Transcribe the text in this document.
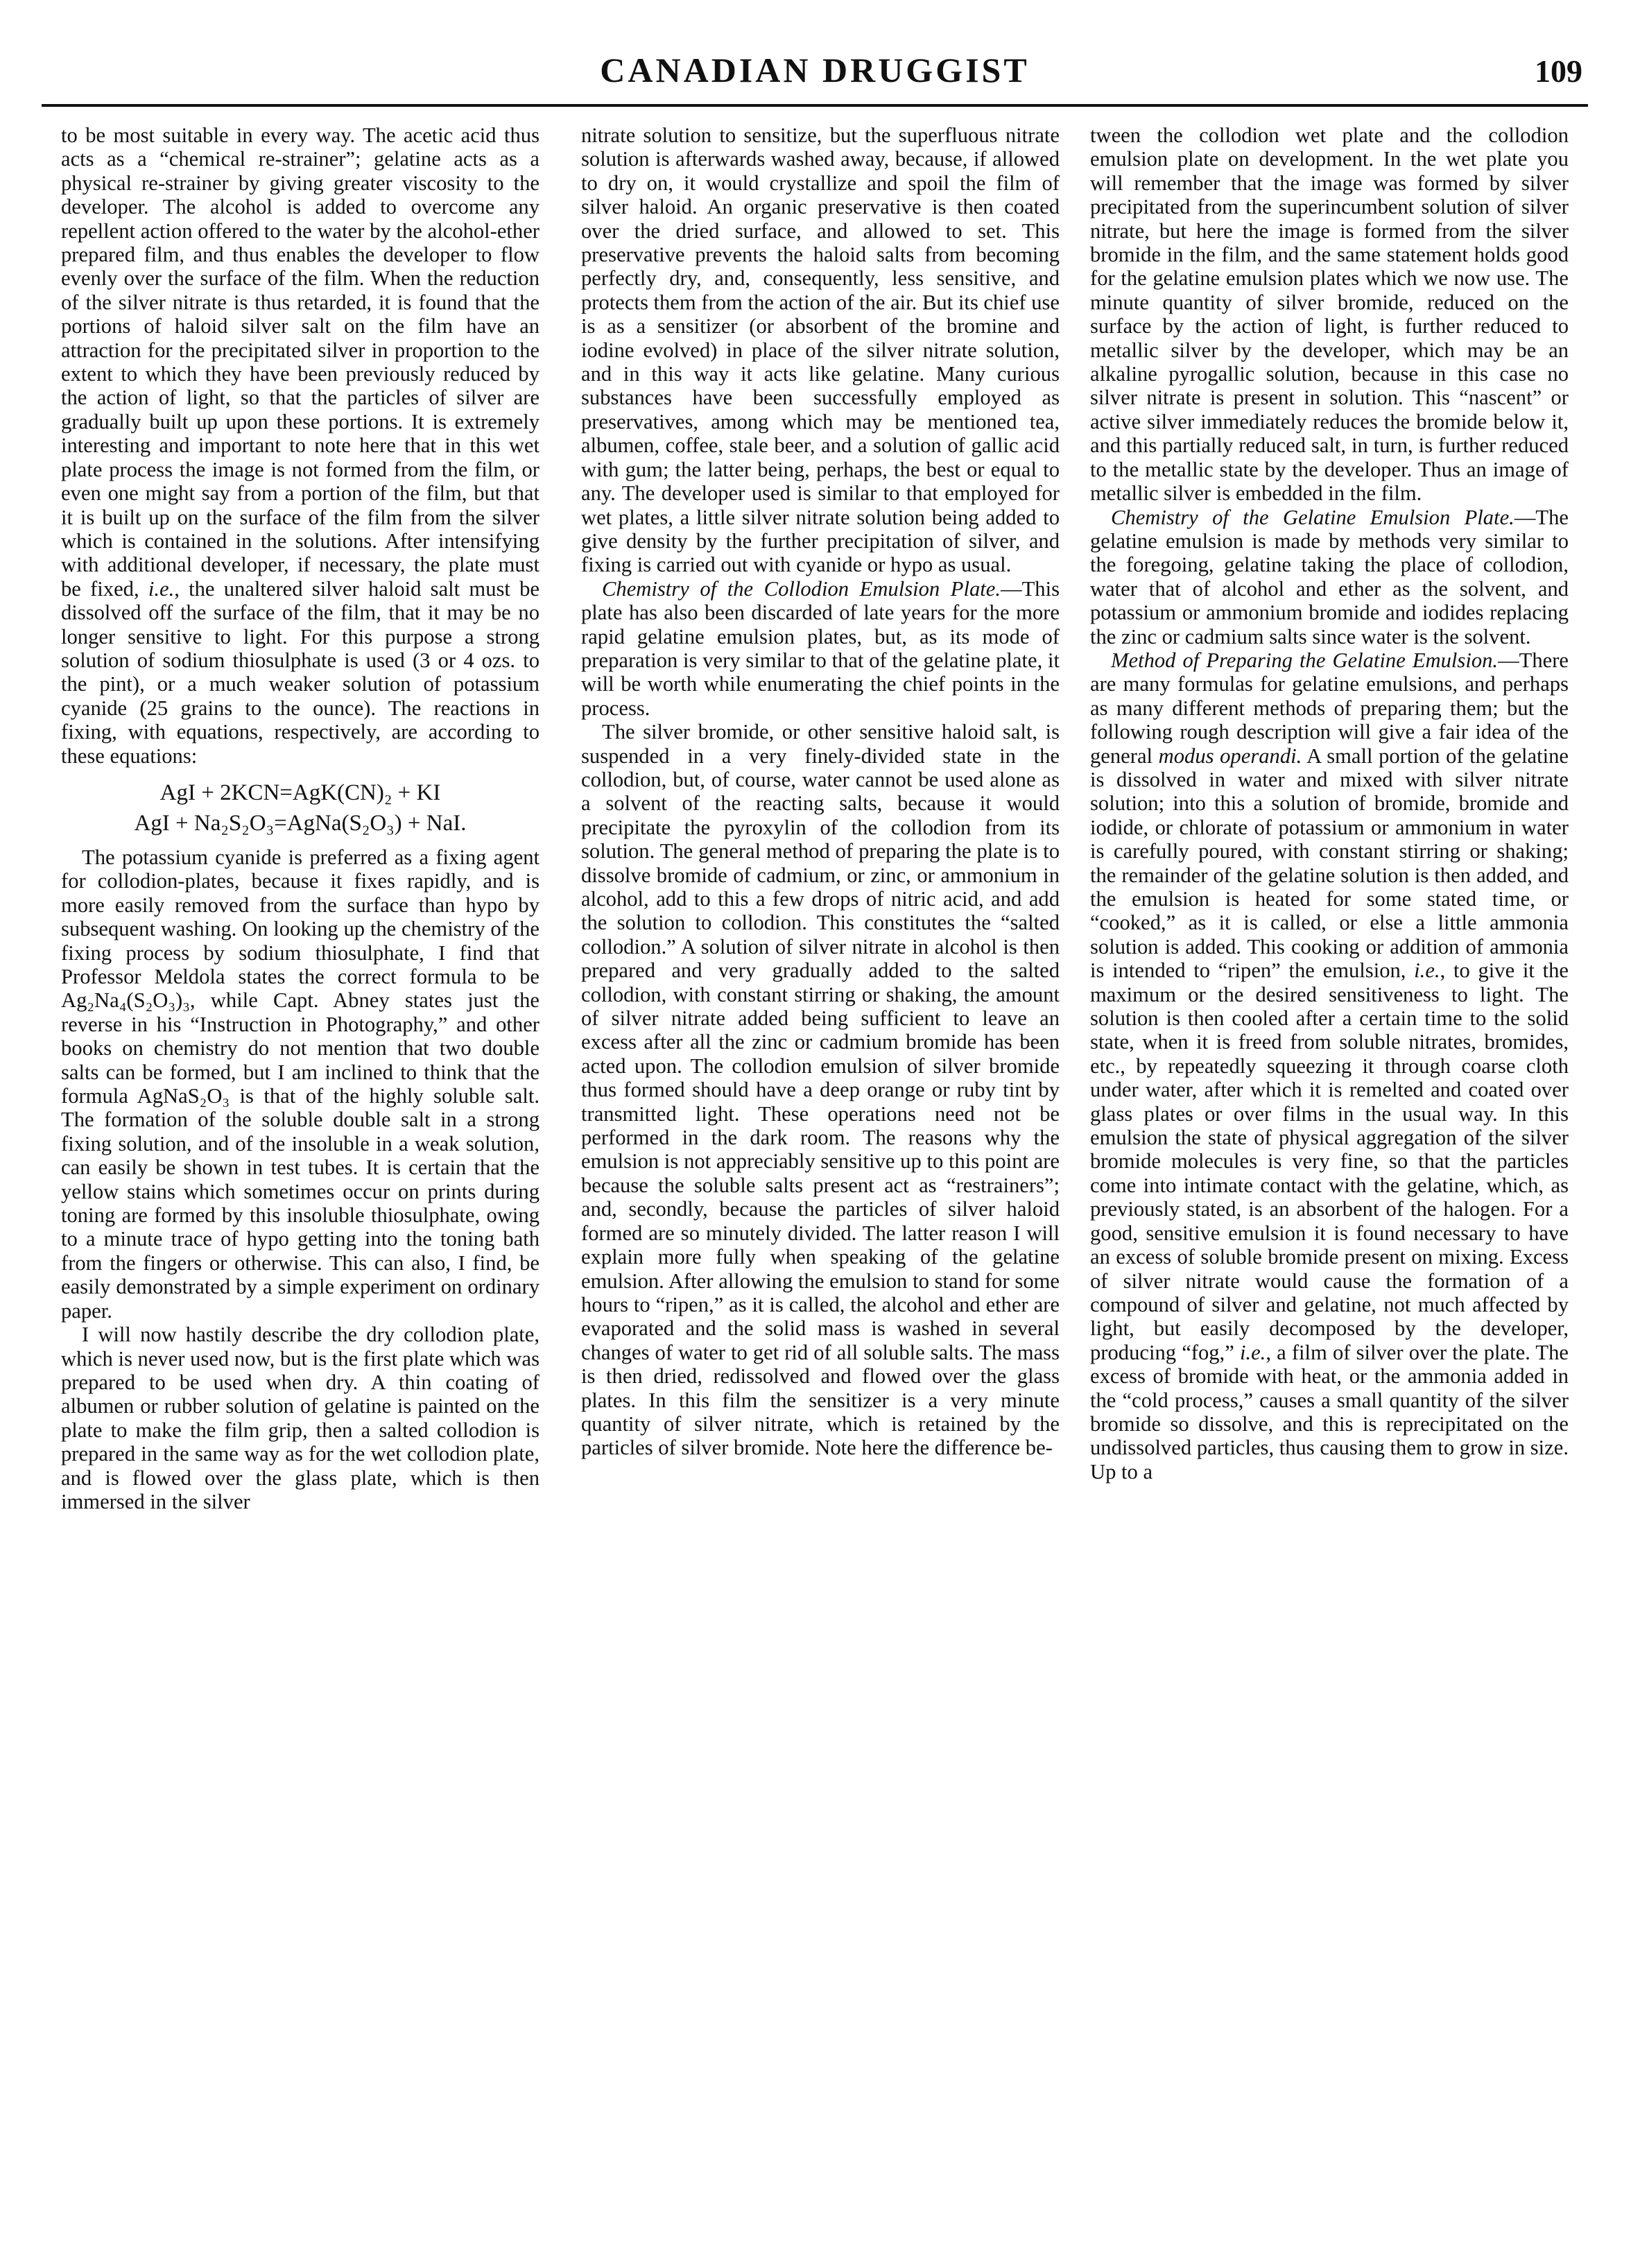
CANADIAN DRUGGIST	109

to be most suitable in every way. The acetic acid thus acts as a “chemical re-strainer”; gelatine acts as a physical re-strainer by giving greater viscosity to the developer. The alcohol is added to overcome any repellent action offered to the water by the alcohol-ether prepared film, and thus enables the developer to flow evenly over the surface of the film. When the reduction of the silver nitrate is thus retarded, it is found that the portions of haloid silver salt on the film have an attraction for the precipitated silver in proportion to the extent to which they have been previously reduced by the action of light, so that the particles of silver are gradually built up upon these portions. It is extremely interesting and important to note here that in this wet plate process the image is not formed from the film, or even one might say from a portion of the film, but that it is built up on the surface of the film from the silver which is contained in the solutions. After intensifying with additional developer, if necessary, the plate must be fixed, i.e., the unaltered silver haloid salt must be dissolved off the surface of the film, that it may be no longer sensitive to light. For this purpose a strong solution of sodium thiosulphate is used (3 or 4 ozs. to the pint), or a much weaker solution of potassium cyanide (25 grains to the ounce). The reactions in fixing, with equations, respectively, are according to these equations:

AgI + 2KCN=AgK(CN)₂ + KI
AgI + Na₂S₂O₃=AgNa(S₂O₃) + NaI.

The potassium cyanide is preferred as a fixing agent for collodion-plates, because it fixes rapidly, and is more easily removed from the surface than hypo by subsequent washing. On looking up the chemistry of the fixing process by sodium thiosulphate, I find that Professor Meldola states the correct formula to be Ag₂Na₄(S₂O₃)₃, while Capt. Abney states just the reverse in his “Instruction in Photography,” and other books on chemistry do not mention that two double salts can be formed, but I am inclined to think that the formula AgNaS₂O₃ is that of the highly soluble salt. The formation of the soluble double salt in a strong fixing solution, and of the insoluble in a weak solution, can easily be shown in test tubes. It is certain that the yellow stains which sometimes occur on prints during toning are formed by this insoluble thiosulphate, owing to a minute trace of hypo getting into the toning bath from the fingers or otherwise. This can also, I find, be easily demonstrated by a simple experiment on ordinary paper.

I will now hastily describe the dry collodion plate, which is never used now, but is the first plate which was prepared to be used when dry. A thin coating of albumen or rubber solution of gelatine is painted on the plate to make the film grip, then a salted collodion is prepared in the same way as for the wet collodion plate, and is flowed over the glass plate, which is then immersed in the silver

nitrate solution to sensitize, but the superfluous nitrate solution is afterwards washed away, because, if allowed to dry on, it would crystallize and spoil the film of silver haloid. An organic preservative is then coated over the dried surface, and allowed to set. This preservative prevents the haloid salts from becoming perfectly dry, and, consequently, less sensitive, and protects them from the action of the air. But its chief use is as a sensitizer (or absorbent of the bromine and iodine evolved) in place of the silver nitrate solution, and in this way it acts like gelatine. Many curious substances have been successfully employed as preservatives, among which may be mentioned tea, albumen, coffee, stale beer, and a solution of gallic acid with gum; the latter being, perhaps, the best or equal to any. The developer used is similar to that employed for wet plates, a little silver nitrate solution being added to give density by the further precipitation of silver, and fixing is carried out with cyanide or hypo as usual.

Chemistry of the Collodion Emulsion Plate.—This plate has also been discarded of late years for the more rapid gelatine emulsion plates, but, as its mode of preparation is very similar to that of the gelatine plate, it will be worth while enumerating the chief points in the process.

The silver bromide, or other sensitive haloid salt, is suspended in a very finely-divided state in the collodion, but, of course, water cannot be used alone as a solvent of the reacting salts, because it would precipitate the pyroxylin of the collodion from its solution. The general method of preparing the plate is to dissolve bromide of cadmium, or zinc, or ammonium in alcohol, add to this a few drops of nitric acid, and add the solution to collodion. This constitutes the “salted collodion.” A solution of silver nitrate in alcohol is then prepared and very gradually added to the salted collodion, with constant stirring or shaking, the amount of silver nitrate added being sufficient to leave an excess after all the zinc or cadmium bromide has been acted upon. The collodion emulsion of silver bromide thus formed should have a deep orange or ruby tint by transmitted light. These operations need not be performed in the dark room. The reasons why the emulsion is not appreciably sensitive up to this point are because the soluble salts present act as “restrainers”; and, secondly, because the particles of silver haloid formed are so minutely divided. The latter reason I will explain more fully when speaking of the gelatine emulsion. After allowing the emulsion to stand for some hours to “ripen,” as it is called, the alcohol and ether are evaporated and the solid mass is washed in several changes of water to get rid of all soluble salts. The mass is then dried, redissolved and flowed over the glass plates. In this film the sensitizer is a very minute quantity of silver nitrate, which is retained by the particles of silver bromide. Note here the difference be-

tween the collodion wet plate and the collodion emulsion plate on development. In the wet plate you will remember that the image was formed by silver precipitated from the superincumbent solution of silver nitrate, but here the image is formed from the silver bromide in the film, and the same statement holds good for the gelatine emulsion plates which we now use. The minute quantity of silver bromide, reduced on the surface by the action of light, is further reduced to metallic silver by the developer, which may be an alkaline pyrogallic solution, because in this case no silver nitrate is present in solution. This “nascent” or active silver immediately reduces the bromide below it, and this partially reduced salt, in turn, is further reduced to the metallic state by the developer. Thus an image of metallic silver is embedded in the film.

Chemistry of the Gelatine Emulsion Plate.—The gelatine emulsion is made by methods very similar to the foregoing, gelatine taking the place of collodion, water that of alcohol and ether as the solvent, and potassium or ammonium bromide and iodides replacing the zinc or cadmium salts since water is the solvent.

Method of Preparing the Gelatine Emulsion.—There are many formulas for gelatine emulsions, and perhaps as many different methods of preparing them; but the following rough description will give a fair idea of the general modus operandi. A small portion of the gelatine is dissolved in water and mixed with silver nitrate solution; into this a solution of bromide, bromide and iodide, or chlorate of potassium or ammonium in water is carefully poured, with constant stirring or shaking; the remainder of the gelatine solution is then added, and the emulsion is heated for some stated time, or “cooked,” as it is called, or else a little ammonia solution is added. This cooking or addition of ammonia is intended to “ripen” the emulsion, i.e., to give it the maximum or the desired sensitiveness to light. The solution is then cooled after a certain time to the solid state, when it is freed from soluble nitrates, bromides, etc., by repeatedly squeezing it through coarse cloth under water, after which it is remelted and coated over glass plates or over films in the usual way. In this emulsion the state of physical aggregation of the silver bromide molecules is very fine, so that the particles come into intimate contact with the gelatine, which, as previously stated, is an absorbent of the halogen. For a good, sensitive emulsion it is found necessary to have an excess of soluble bromide present on mixing. Excess of silver nitrate would cause the formation of a compound of silver and gelatine, not much affected by light, but easily decomposed by the developer, producing “fog,” i.e., a film of silver over the plate. The excess of bromide with heat, or the ammonia added in the “cold process,” causes a small quantity of the silver bromide so dissolve, and this is reprecipitated on the undissolved particles, thus causing them to grow in size. Up to a
